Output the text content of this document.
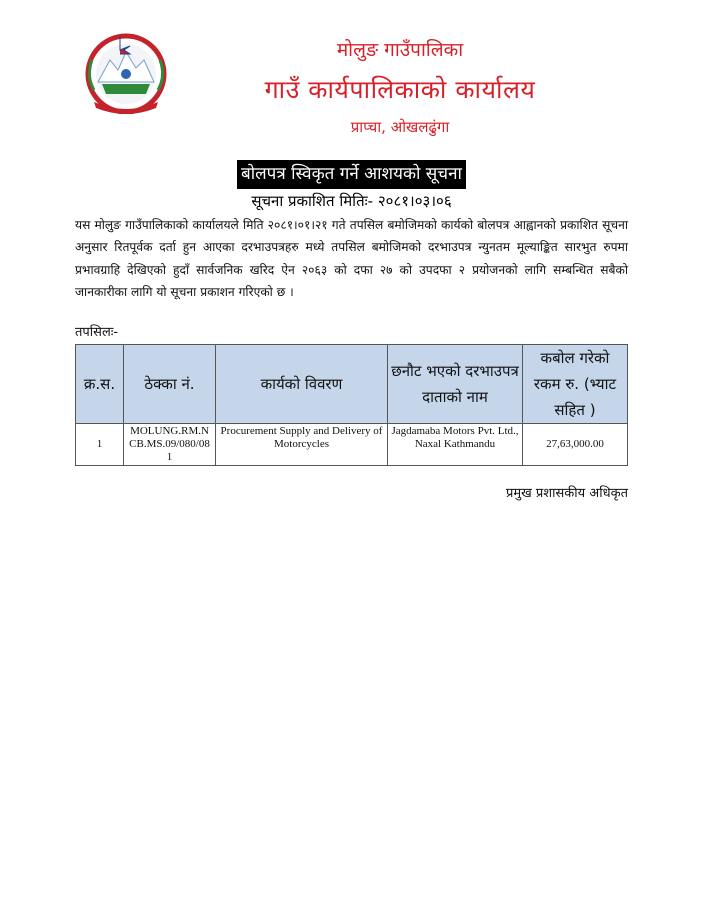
मोलुङ गाउँपालिका
गाउँ कार्यपालिकाको कार्यालय
प्राप्चा, ओखलढुंगा
बोलपत्र स्विकृत गर्ने आशयको सूचना
सूचना प्रकाशित मितिः- २०८१।०३।०६
यस मोलुङ गाउँपालिकाको कार्यालयले मिति २०८१।०१।२१ गते तपसिल बमोजिमको कार्यको बोलपत्र आह्वानको प्रकाशित सूचना अनुसार रितपूर्वक दर्ता हुन आएका दरभाउपत्रहरु मध्ये तपसिल बमोजिमको दरभाउपत्र न्युनतम मूल्याङ्कित सारभुत रुपमा प्रभावग्राहि देखिएको हुदाँ सार्वजनिक खरिद ऐन २०६३ को दफा २७ को उपदफा २ प्रयोजनको लागि सम्बन्धित सबैको जानकारीका लागि यो सूचना प्रकाशन गरिएको छ ।
तपसिलः-
क्र.स.	ठेक्का नं.	कार्यको विवरण	छनौट भएको दरभाउपत्र दाताको नाम	कबोल गरेको रकम रु. (भ्याट सहित )
1	MOLUNG.RM.NCB.MS.09/080/081	Procurement Supply and Delivery of Motorcycles	Jagdamaba Motors Pvt. Ltd., Naxal Kathmandu	27,63,000.00
प्रमुख प्रशासकीय अधिकृत
